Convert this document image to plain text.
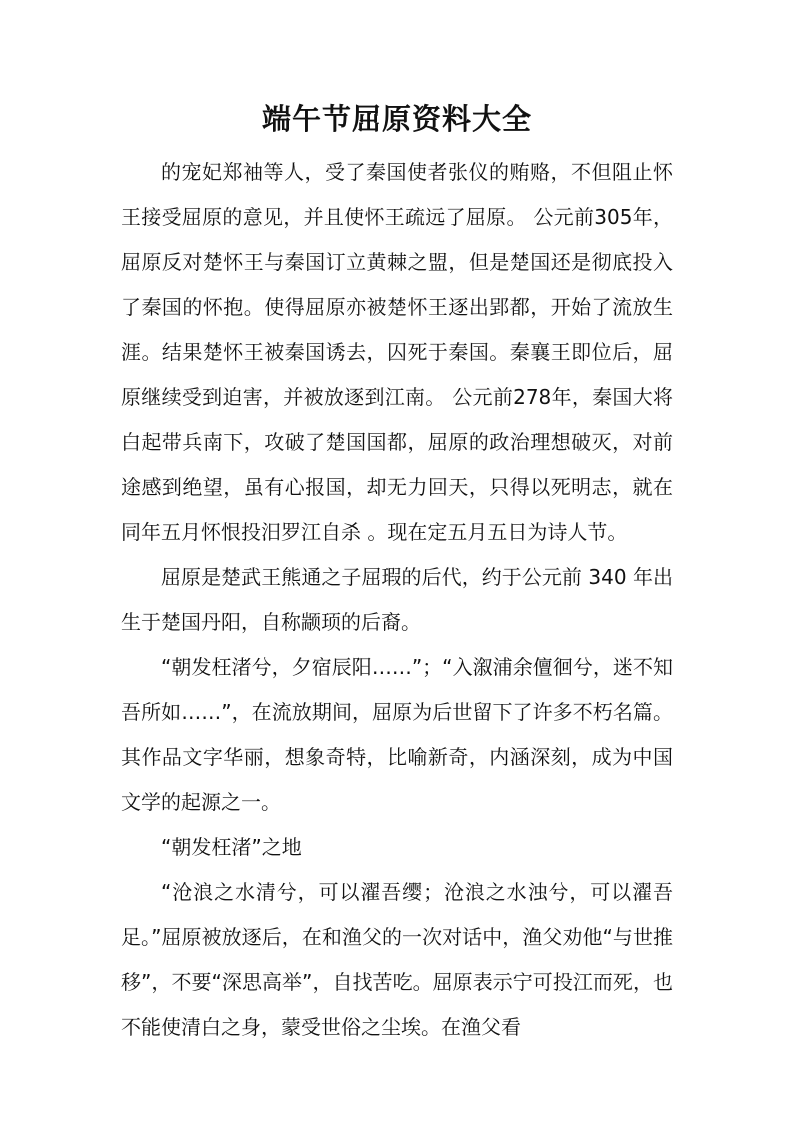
端午节屈原资料大全

的宠妃郑袖等人，受了秦国使者张仪的贿赂，不但阻止怀王接受屈原的意见，并且使怀王疏远了屈原。 公元前305年，屈原反对楚怀王与秦国订立黄棘之盟，但是楚国还是彻底投入了秦国的怀抱。使得屈原亦被楚怀王逐出郢都，开始了流放生涯。结果楚怀王被秦国诱去，囚死于秦国。秦襄王即位后，屈原继续受到迫害，并被放逐到江南。 公元前278年，秦国大将白起带兵南下，攻破了楚国国都，屈原的政治理想破灭，对前途感到绝望，虽有心报国，却无力回天，只得以死明志，就在同年五月怀恨投汨罗江自杀 。现在定五月五日为诗人节。

屈原是楚武王熊通之子屈瑕的后代，约于公元前 340 年出生于楚国丹阳，自称颛顼的后裔。

“朝发枉渚兮，夕宿辰阳……”；“入溆浦余儃徊兮，迷不知吾所如……”，在流放期间，屈原为后世留下了许多不朽名篇。其作品文字华丽，想象奇特，比喻新奇，内涵深刻，成为中国文学的起源之一。

“朝发枉渚”之地

“沧浪之水清兮，可以濯吾缨；沧浪之水浊兮，可以濯吾足。”屈原被放逐后，在和渔父的一次对话中，渔父劝他“与世推移”，不要“深思高举”，自找苦吃。屈原表示宁可投江而死，也不能使清白之身，蒙受世俗之尘埃。在渔父看
